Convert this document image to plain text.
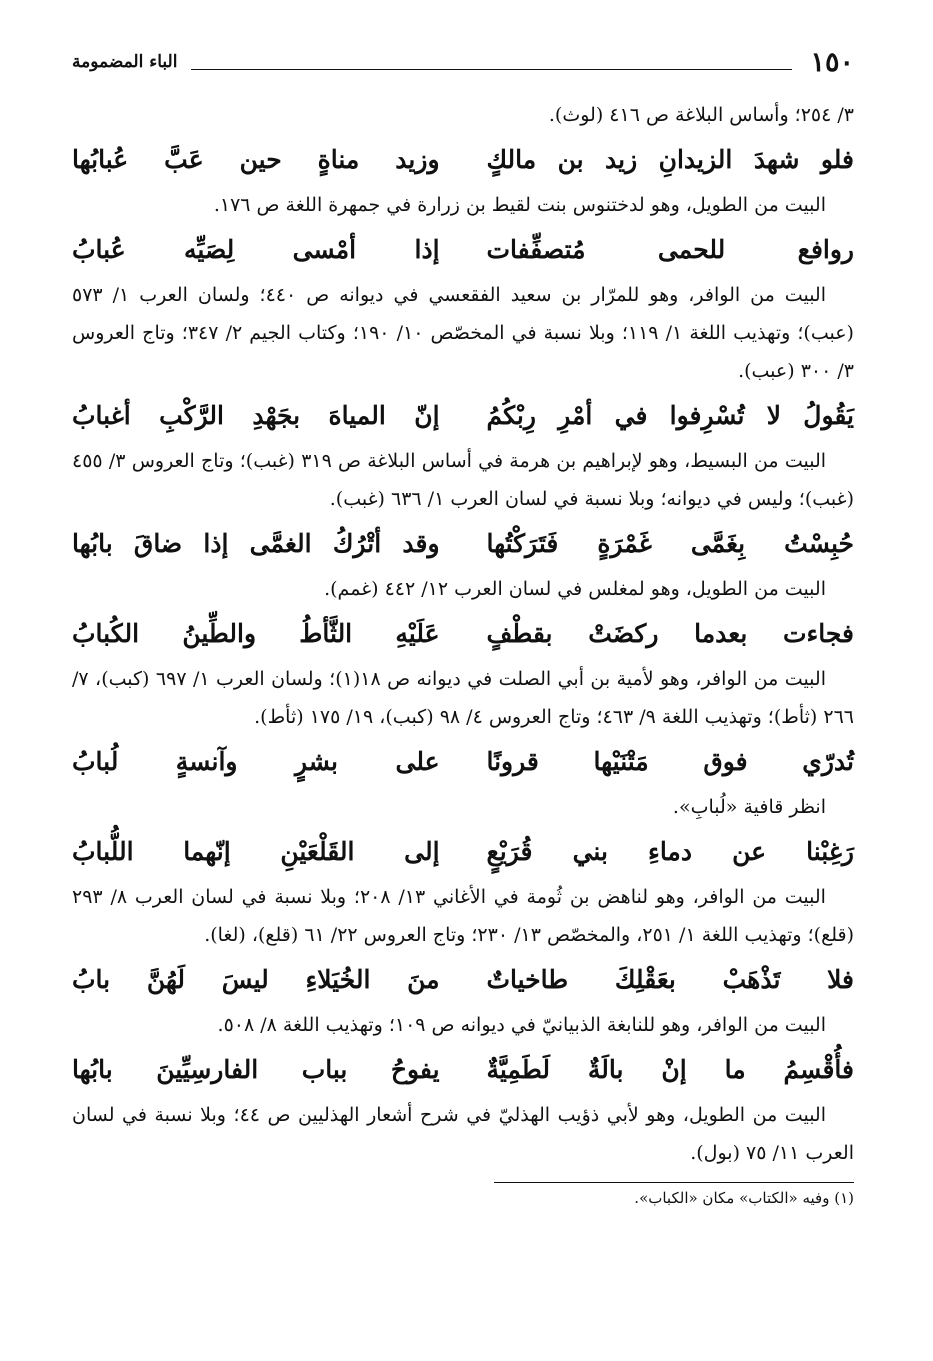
١٥٠
الباء المضمومة

٣/ ٢٥٤؛ وأساس البلاغة ص ٤١٦ (لوث).

فلو شهدَ الزيدانِ زيد بن مالكٍ
وزيد مناةٍ حين عَبَّ عُبابُها

البيت من الطويل، وهو لدختنوس بنت لقيط بن زرارة في جمهرة اللغة ص ١٧٦.

روافع للحمى مُتصفِّفات
إذا أمْسى لِصَيِّه عُبابُ

البيت من الوافر، وهو للمرّار بن سعيد الفقعسي في ديوانه ص ٤٤٠؛ ولسان العرب ١/ ٥٧٣ (عبب)؛ وتهذيب اللغة ١/ ١١٩؛ وبلا نسبة في المخصّص ١٠/ ١٩٠؛ وكتاب الجيم ٢/ ٣٤٧؛ وتاج العروس ٣/ ٣٠٠ (عبب).

يَقُولُ لا تُسْرِفوا في أمْرِ رِبْكُمُ
إنّ المياهَ بجَهْدِ الرَّكْبِ أغبابُ

البيت من البسيط، وهو لإبراهيم بن هرمة في أساس البلاغة ص ٣١٩ (غبب)؛ وتاج العروس ٣/ ٤٥٥ (غبب)؛ وليس في ديوانه؛ وبلا نسبة في لسان العرب ١/ ٦٣٦ (غبب).

حُبِسْتُ بِغَمَّى غَمْرَةٍ فَتَرَكْتُها
وقد أتْرُكُ الغمَّى إذا ضاقَ بابُها

البيت من الطويل، وهو لمغلس في لسان العرب ١٢/ ٤٤٢ (غمم).

فجاءت بعدما ركضَتْ بقطْفٍ
عَلَيْهِ الثَّأطُ والطِّينُ الكُبابُ

البيت من الوافر، وهو لأمية بن أبي الصلت في ديوانه ص ١٨(١)؛ ولسان العرب ١/ ٦٩٧ (كبب)، ٧/ ٢٦٦ (ثأط)؛ وتهذيب اللغة ٩/ ٤٦٣؛ وتاج العروس ٤/ ٩٨ (كبب)، ١٩/ ١٧٥ (ثأط).

تُدرّي فوق مَتْنَيْها قرونًا
على بشرٍ وآنسةٍ لُبابُ

انظر قافية «لُبابِ».

رَغِبْنا عن دماءِ بني قُرَيْعٍ
إلى القَلْعَيْنِ إنّهما اللُّبابُ

البيت من الوافر، وهو لناهض بن ثُومة في الأغاني ١٣/ ٢٠٨؛ وبلا نسبة في لسان العرب ٨/ ٢٩٣ (قلع)؛ وتهذيب اللغة ١/ ٢٥١، والمخصّص ١٣/ ٢٣٠؛ وتاج العروس ٢٢/ ٦١ (قلع)، (لغا).

فلا تَذْهَبْ بعَقْلِكَ طاخياتٌ
منَ الخُيَلاءِ ليسَ لَهُنَّ بابُ

البيت من الوافر، وهو للنابغة الذبيانيّ في ديوانه ص ١٠٩؛ وتهذيب اللغة ٨/ ٥٠٨.

فأُقْسِمُ ما إنْ بالَةٌ لَطَمِيَّةٌ
يفوحُ بباب الفارسِيِّينَ بابُها

البيت من الطويل، وهو لأبي ذؤيب الهذليّ في شرح أشعار الهذليين ص ٤٤؛ وبلا نسبة في لسان العرب ١١/ ٧٥ (بول).

(١) وفيه «الكتاب» مكان «الكباب».
